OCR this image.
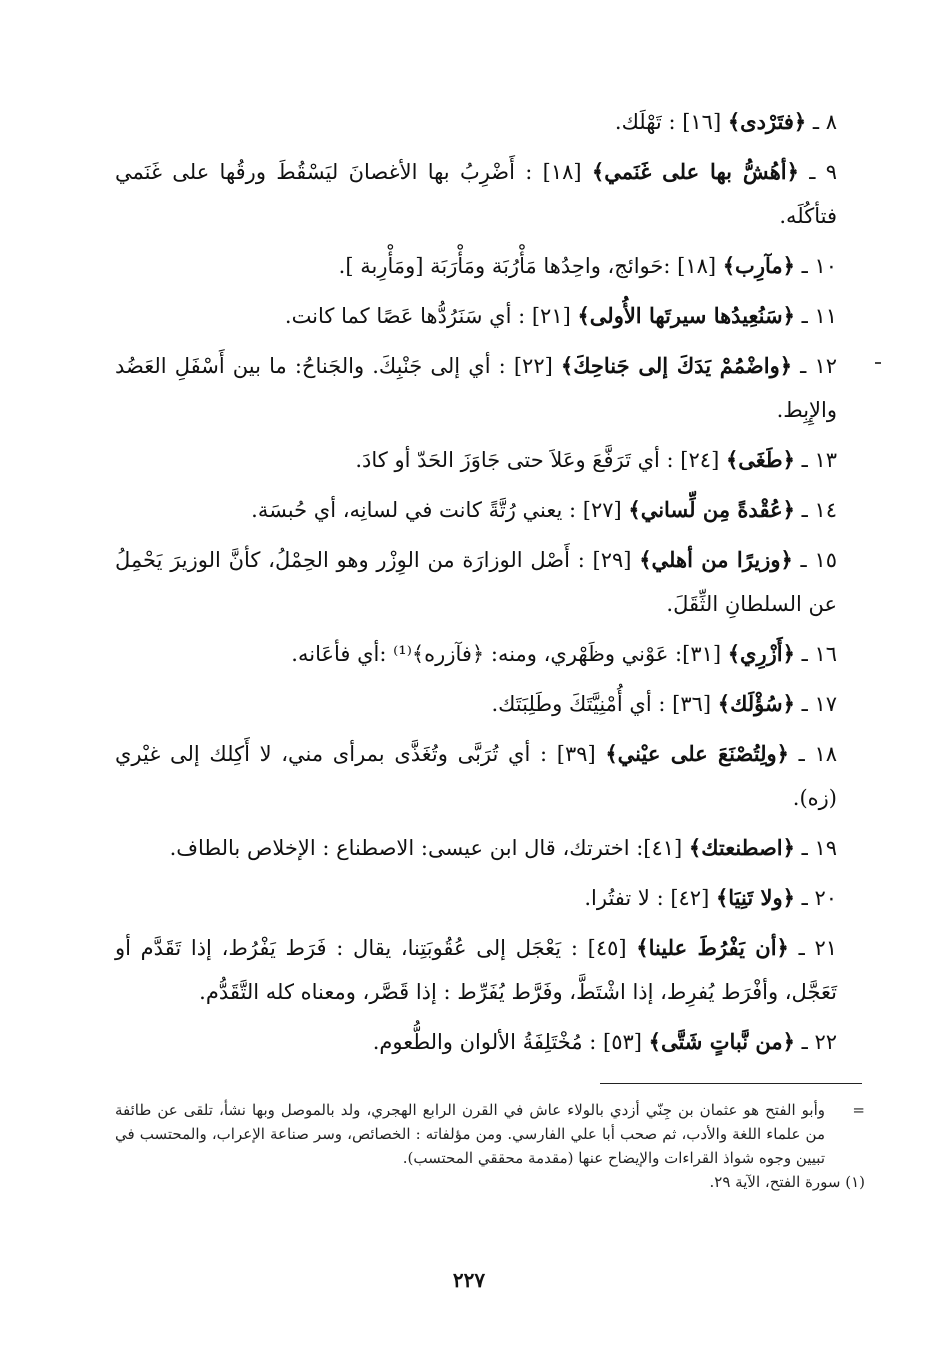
٨ ـ ﴿فتَرْدى﴾ [١٦] : تَهْلَك.

٩ ـ ﴿أهُشُّ بها على غَنَمي﴾ [١٨] : أَضْرِبُ بها الأغصانَ ليَسْقُطَ ورقُها على غَنَمي فتأكُلَه.

١٠ ـ ﴿مآرِب﴾ [١٨] :حَوائج، واحِدُها مَأْرُبَة ومَأْرَبَة [ومَأْرِبة ].

١١ ـ ﴿سَنُعِيدُها سيرتَها الأُولى﴾ [٢١] : أي سَنَرُدُّها عَصًا كما كانت.

١٢ ـ ﴿واضْمُمْ يَدَكَ إلى جَناحِكَ﴾ [٢٢] : أي إلى جَنْبِكَ. والجَناحُ: ما بين أَسْفَلِ العَضُد والإِبِط.

١٣ ـ ﴿طَغَى﴾ [٢٤] : أي تَرَفَّعَ وعَلاَ حتى جَاوَزَ الحَدّ أو كادَ.

١٤ ـ ﴿عُقْدةً مِن لِّساني﴾ [٢٧] : يعني رُتَّةً كانت في لسانِه، أي حُبسَة.

١٥ ـ ﴿وزيرًا من أهلي﴾ [٢٩] : أَصْل الوزارَة من الوِزْر وهو الحِمْلُ، كأنَّ الوزيرَ يَحْمِلُ عن السلطانِ الثِّقَلَ.

١٦ ـ ﴿أَزْرِي﴾ [٣١]: عَوْني وظَهْري، ومنه: ﴿فآزره﴾⁽¹⁾ :أي فأعَانه.

١٧ ـ ﴿سُؤْلَك﴾ [٣٦] : أي أُمْنِيَّتَكَ وطَلِبَتَك.

١٨ ـ ﴿ولِتُصْنَعَ على عيْني﴾ [٣٩] : أي تُرَبَّى وتُغَذَّى بمرأى مني، لا أَكِلك إلى غيْري (زه).

١٩ ـ ﴿اصطنعتك﴾ [٤١]: اخترتك، قال ابن عيسى: الاصطناع : الإخلاص بالطاف.

٢٠ ـ ﴿ولا تَنِيَا﴾ [٤٢] : لا تفتُرا.

٢١ ـ ﴿أن يَفْرُطَ علينا﴾ [٤٥] : يَعْجَل إلى عُقُوبَتِنا، يقال : فَرَط يَفْرُط، إذا تَقَدَّم أو تَعَجَّل، وأفْرَط يُفرِط، إذا اشْتَطَّ، وفَرَّط يُفَرِّط : إذا قَصَّر، ومعناه كله التَّقَدُّم.

٢٢ ـ ﴿من نَّباتٍ شَتَّى﴾ [٥٣] : مُخْتَلِفَةُ الألوان والطُّعوم.

=
وأبو الفتح هو عثمان بن جِنّي أزدي بالولاء عاش في القرن الرابع الهجري، ولد بالموصل وبها نشأ، تلقى عن طائفة من علماء اللغة والأدب، ثم صحب أبا علي الفارسي. ومن مؤلفاته : الخصائص، وسر صناعة الإعراب، والمحتسب في تبيين وجوه شواذ القراءات والإيضاح عنها (مقدمة محققي المحتسب).

(١) سورة الفتح، الآية ٢٩.

٢٢٧
